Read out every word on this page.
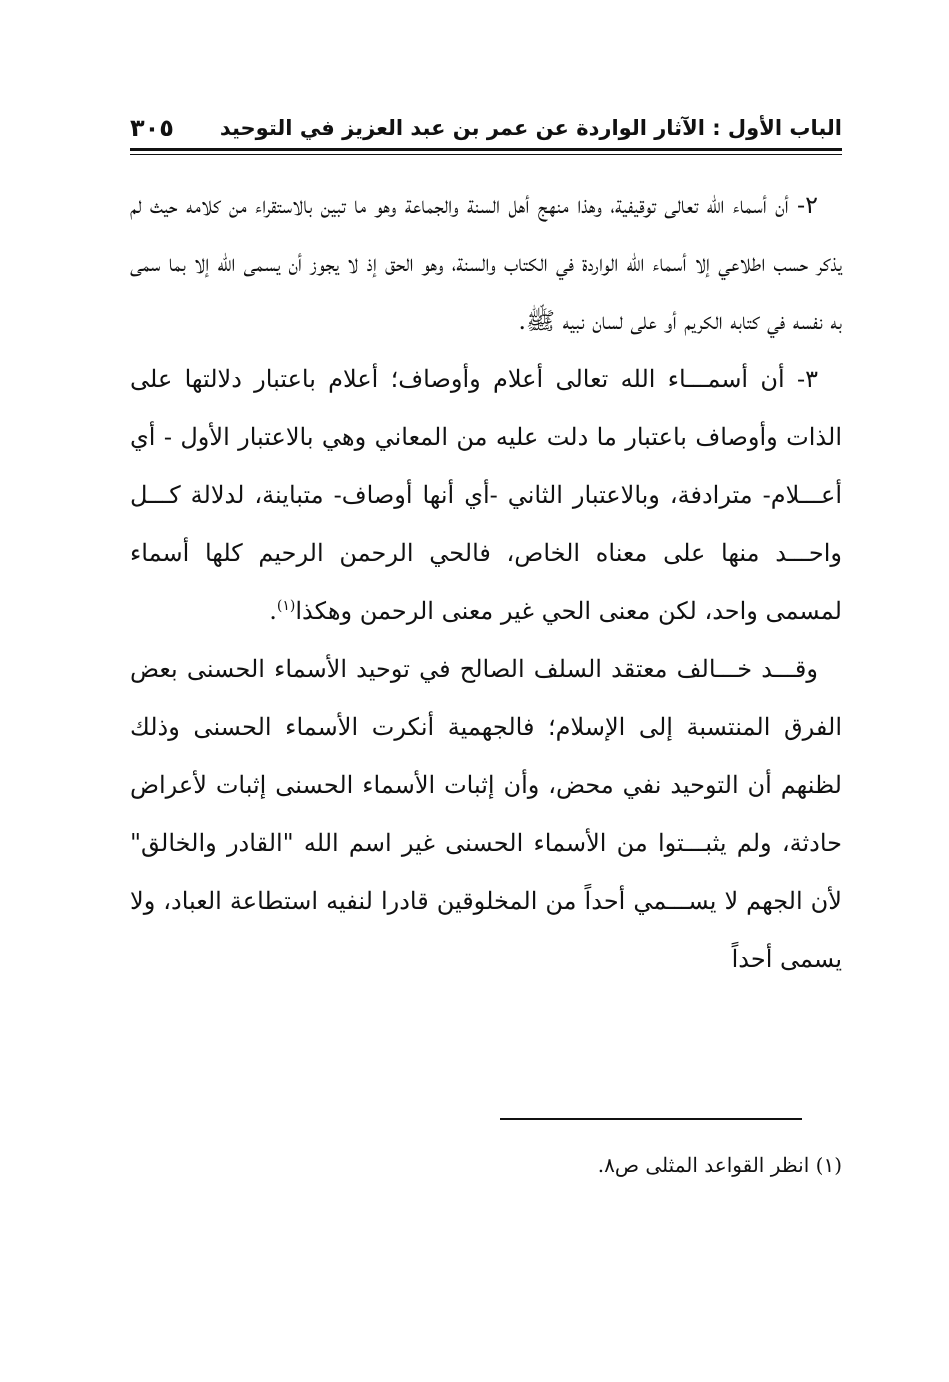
الباب الأول : الآثار الواردة عن عمر بن عبد العزيز في التوحيد
٣٠٥

٢- أن أسماء الله تعالى توقيفية، وهذا منهج أهل السنة والجماعة وهو ما تبين بالاستقراء من كلامه حيث لم يذكر حسب اطلاعي إلا أسماء الله الواردة في الكتاب والسنة، وهو الحق إذ لا يجوز أن يسمى الله إلا بما سمى به نفسه في كتابه الكريم أو على لسان نبيه ﷺ.

٣- أن أسمـــاء الله تعالى أعلام وأوصاف؛ أعلام باعتبار دلالتها على الذات وأوصاف باعتبار ما دلت عليه من المعاني وهي بالاعتبار الأول - أي أعـــلام- مترادفة، وبالاعتبار الثاني -أي أنها أوصاف- متباينة، لدلالة كـــل واحـــد منها على معناه الخاص، فالحي الرحمن الرحيم كلها أسماء لمسمى واحد، لكن معنى الحي غير معنى الرحمن وهكذا$^{(١)}$.

وقـــد خـــالف معتقد السلف الصالح في توحيد الأسماء الحسنى بعض الفرق المنتسبة إلى الإسلام؛ فالجهمية أنكرت الأسماء الحسنى وذلك لظنهم أن التوحيد نفي محض، وأن إثبات الأسماء الحسنى إثبات لأعراض حادثة، ولم يثبـــتوا من الأسماء الحسنى غير اسم الله "القادر والخالق" لأن الجهم لا يســـمي أحداً من المخلوقين قادرا لنفيه استطاعة العباد، ولا يسمى أحداً

(١) انظر القواعد المثلى ص٨.
